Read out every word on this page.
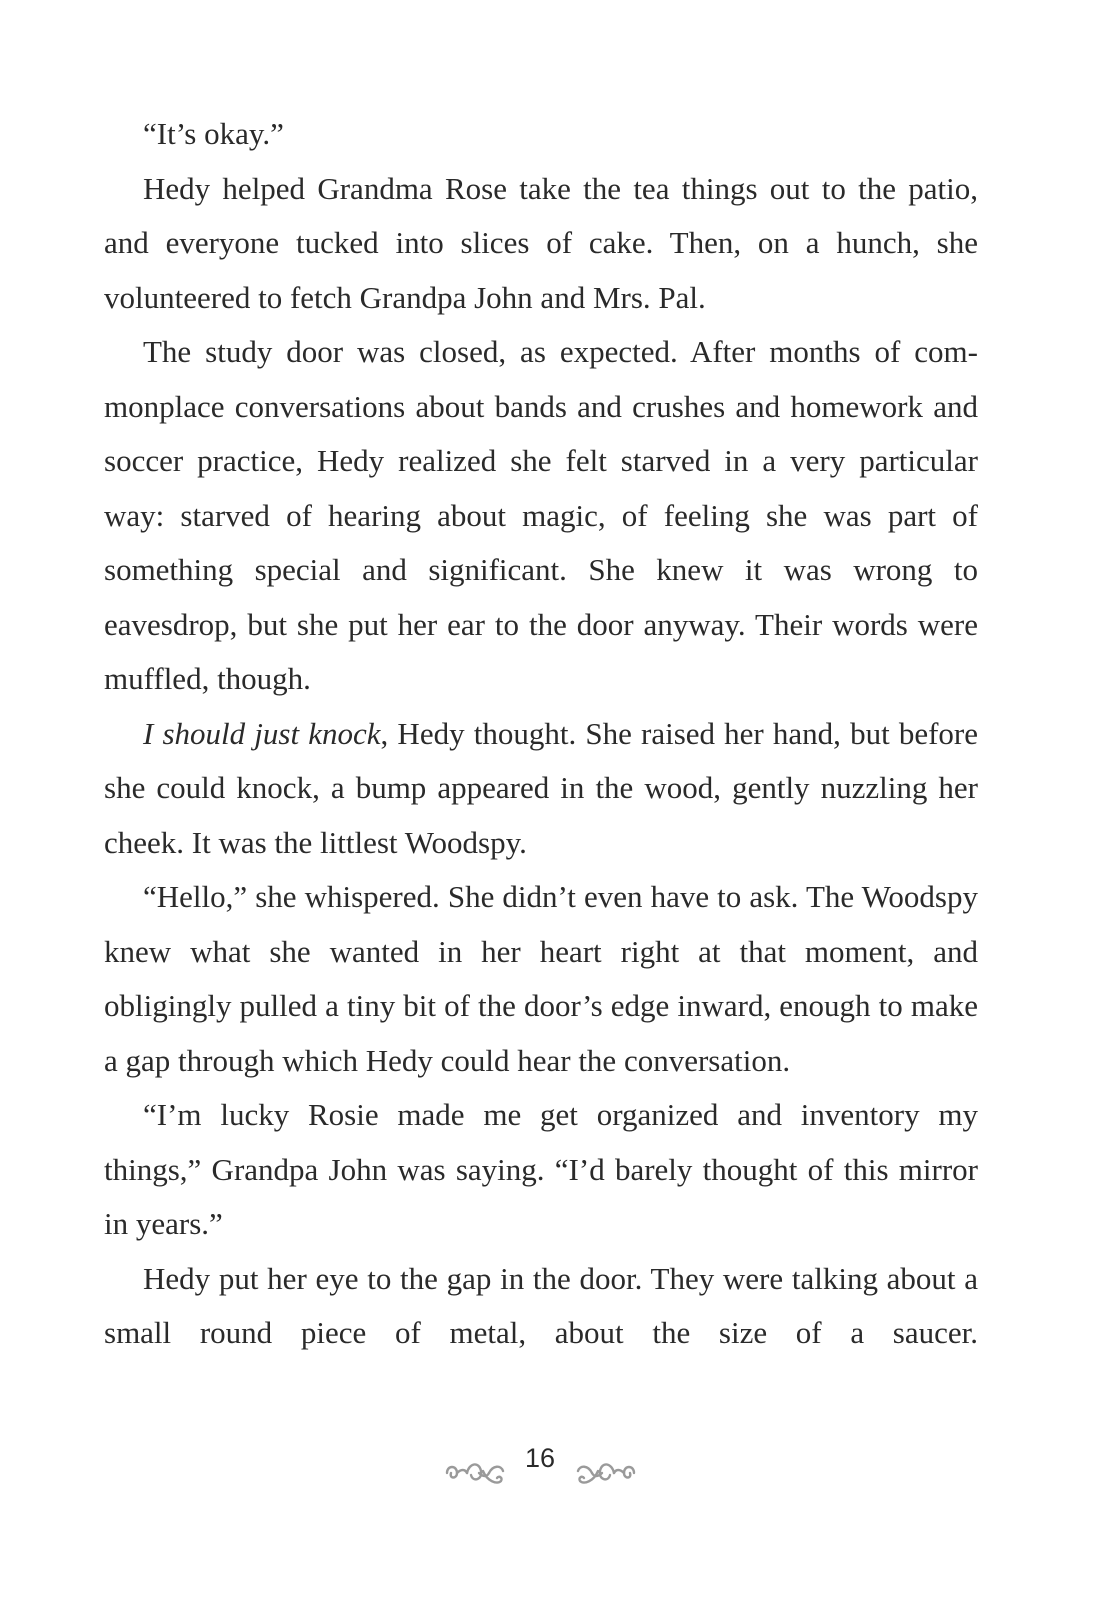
“It’s okay.”

Hedy helped Grandma Rose take the tea things out to the patio, and everyone tucked into slices of cake. Then, on a hunch, she volunteered to fetch Grandpa John and Mrs. Pal.

The study door was closed, as expected. After months of commonplace conversations about bands and crushes and homework and soccer practice, Hedy realized she felt starved in a very particular way: starved of hearing about magic, of feeling she was part of something special and significant. She knew it was wrong to eavesdrop, but she put her ear to the door anyway. Their words were muffled, though.

I should just knock, Hedy thought. She raised her hand, but before she could knock, a bump appeared in the wood, gently nuzzling her cheek. It was the littlest Woodspy.

“Hello,” she whispered. She didn’t even have to ask. The Woodspy knew what she wanted in her heart right at that moment, and obligingly pulled a tiny bit of the door’s edge inward, enough to make a gap through which Hedy could hear the conversation.

“I’m lucky Rosie made me get organized and inventory my things,” Grandpa John was saying. “I’d barely thought of this mirror in years.”

Hedy put her eye to the gap in the door. They were talking about a small round piece of metal, about the size of a saucer.

16
